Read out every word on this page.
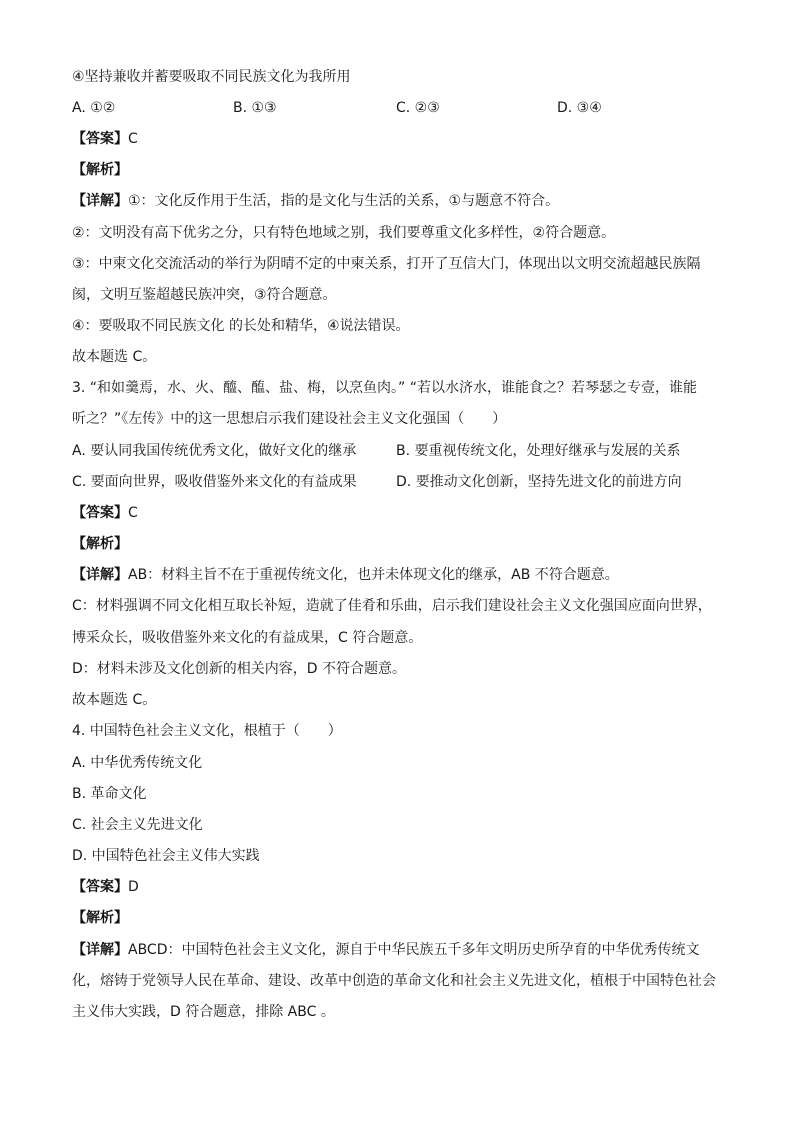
④坚持兼收并蓄要吸取不同民族文化为我所用
A. ①②	B. ①③	C. ②③	D. ③④
【答案】C
【解析】
【详解】①：文化反作用于生活，指的是文化与生活的关系，①与题意不符合。
②：文明没有高下优劣之分，只有特色地域之别，我们要尊重文化多样性，②符合题意。
③：中柬文化交流活动的举行为阴晴不定的中柬关系，打开了互信大门，体现出以文明交流超越民族隔
阂，文明互鉴超越民族冲突，③符合题意。
④：要吸取不同民族文化 的长处和精华，④说法错误。
故本题选 C。
3. “和如羹焉，水、火、醯、醢、盐、梅，以烹鱼肉。” “若以水济水，谁能食之？若琴瑟之专壹，谁能
听之？”《左传》中的这一思想启示我们建设社会主义文化强国（　　）
A. 要认同我国传统优秀文化，做好文化的继承	B. 要重视传统文化，处理好继承与发展的关系
C. 要面向世界，吸收借鉴外来文化的有益成果	D. 要推动文化创新，坚持先进文化的前进方向
【答案】C
【解析】
【详解】AB：材料主旨不在于重视传统文化，也并未体现文化的继承，AB 不符合题意。
C：材料强调不同文化相互取长补短，造就了佳肴和乐曲，启示我们建设社会主义文化强国应面向世界，
博采众长，吸收借鉴外来文化的有益成果，C 符合题意。
D：材料未涉及文化创新的相关内容，D 不符合题意。
故本题选 C。
4. 中国特色社会主义文化，根植于（　　）
A. 中华优秀传统文化
B. 革命文化
C. 社会主义先进文化
D. 中国特色社会主义伟大实践
【答案】D
【解析】
【详解】ABCD：中国特色社会主义文化，源自于中华民族五千多年文明历史所孕育的中华优秀传统文
化，熔铸于党领导人民在革命、建设、改革中创造的革命文化和社会主义先进文化，植根于中国特色社会
主义伟大实践，D 符合题意，排除 ABC 。
